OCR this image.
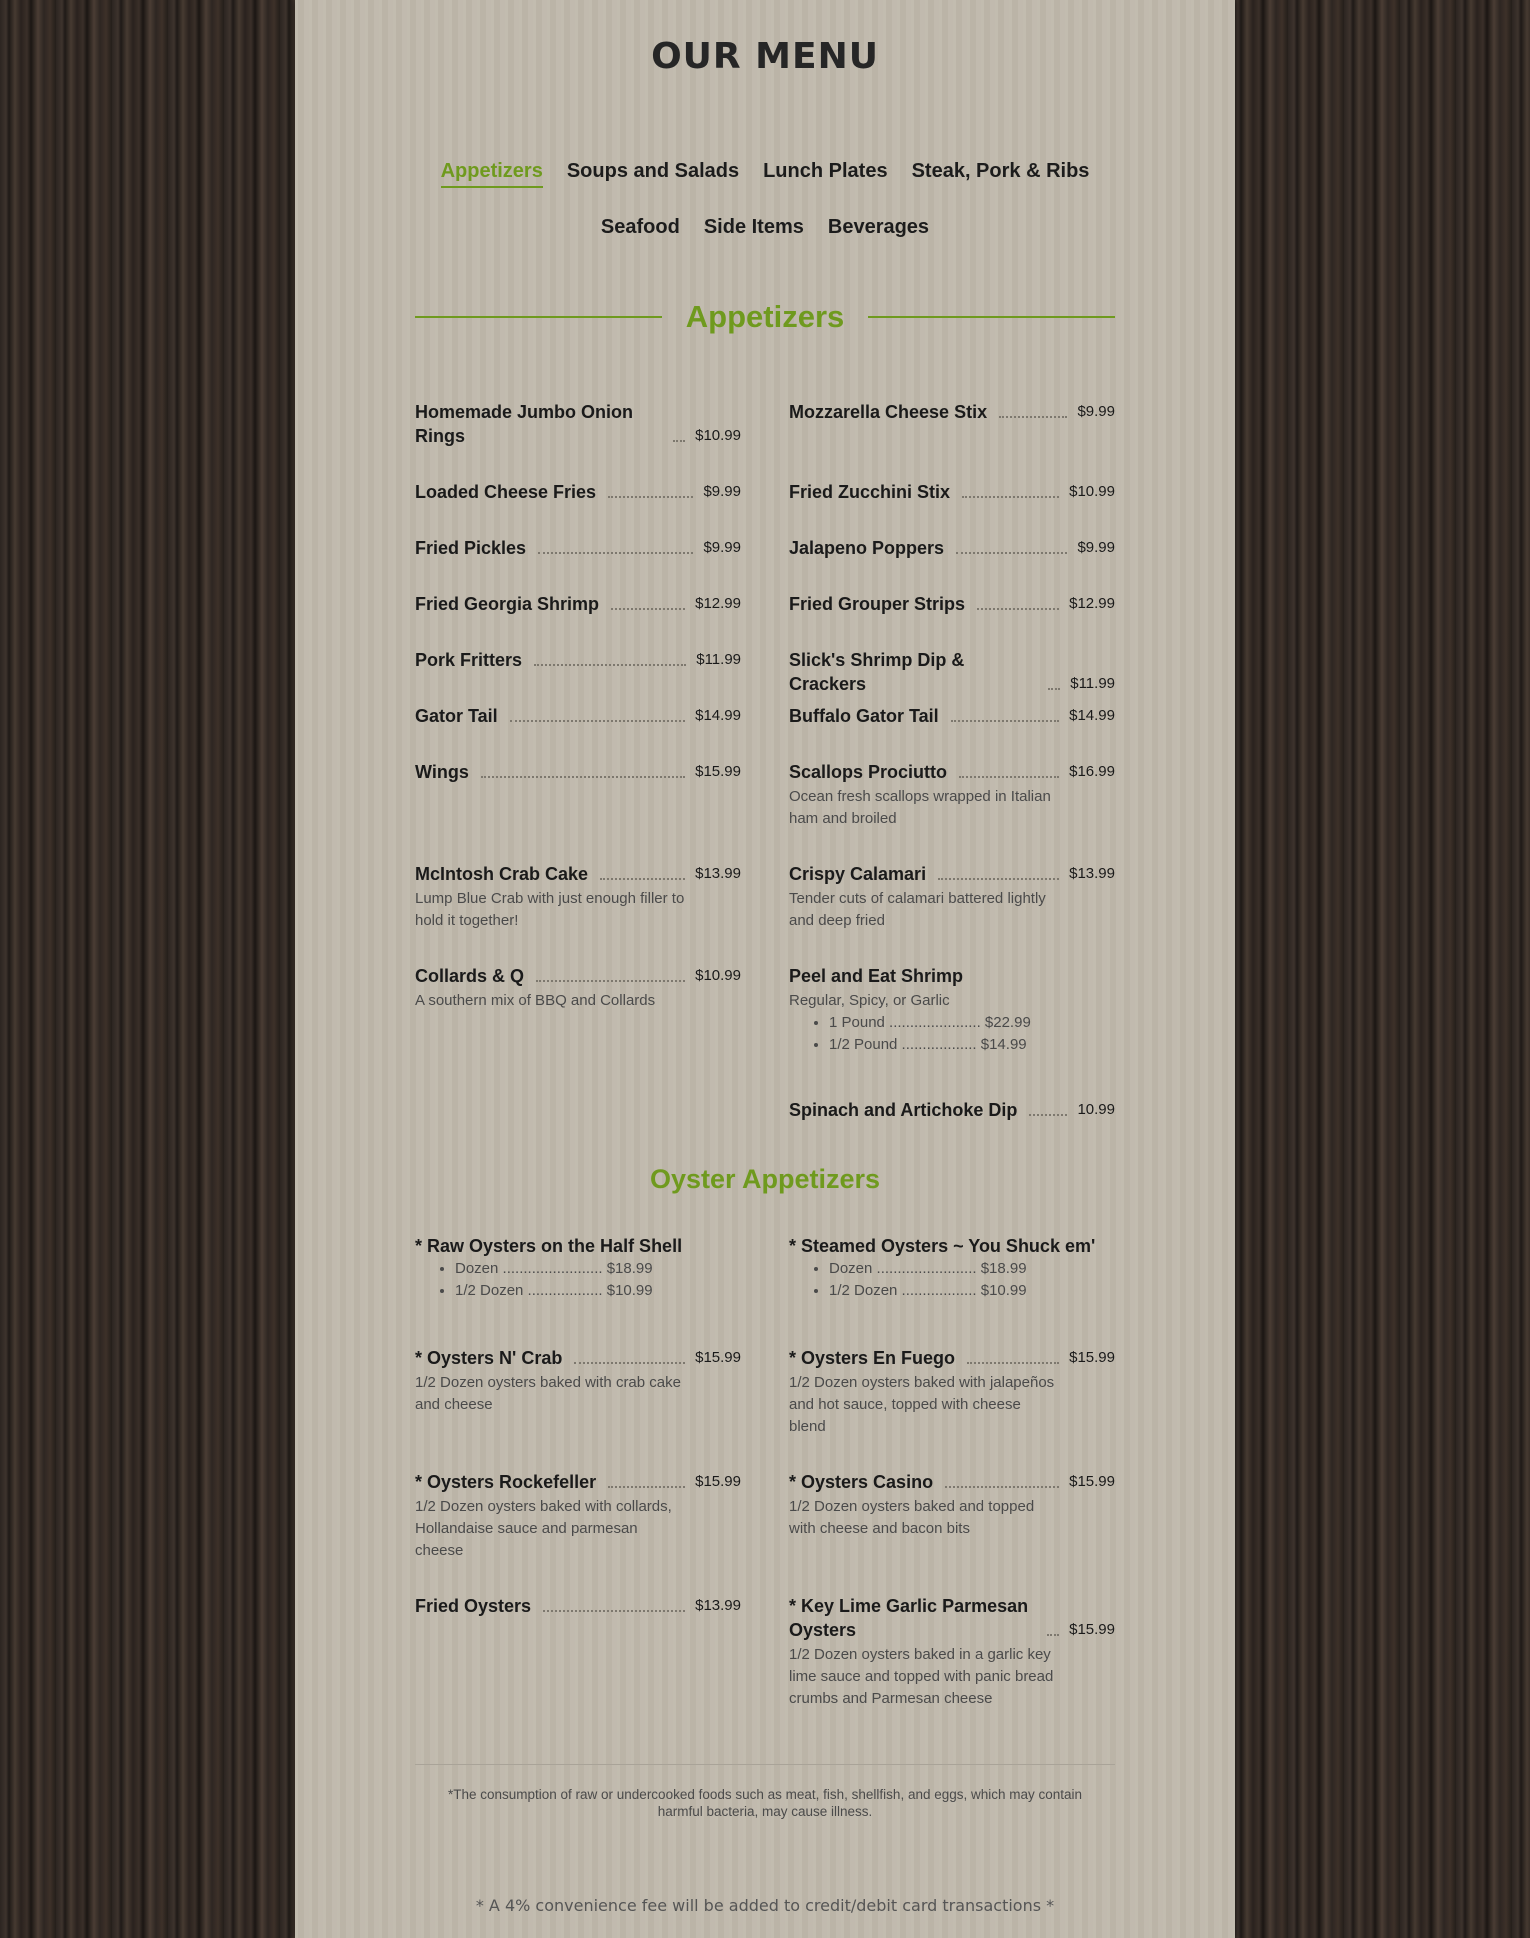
OUR MENU
Appetizers Soups and Salads Lunch Plates Steak, Pork & Ribs
Seafood Side Items Beverages
Appetizers
Homemade Jumbo Onion Rings	$10.99
Loaded Cheese Fries	$9.99
Fried Pickles	$9.99
Fried Georgia Shrimp	$12.99
Pork Fritters	$11.99
Gator Tail	$14.99
Wings	$15.99
McIntosh Crab Cake	$13.99
Lump Blue Crab with just enough filler to hold it together!
Collards & Q	$10.99
A southern mix of BBQ and Collards
Mozzarella Cheese Stix	$9.99
Fried Zucchini Stix	$10.99
Jalapeno Poppers	$9.99
Fried Grouper Strips	$12.99
Slick's Shrimp Dip & Crackers	$11.99
Buffalo Gator Tail	$14.99
Scallops Prociutto	$16.99
Ocean fresh scallops wrapped in Italian ham and broiled
Crispy Calamari	$13.99
Tender cuts of calamari battered lightly and deep fried
Peel and Eat Shrimp
Regular, Spicy, or Garlic
• 1 Pound ...................... $22.99
• 1/2 Pound .................. $14.99
Spinach and Artichoke Dip	10.99
* Raw Oysters on the Half Shell
• Dozen ........................ $18.99
• 1/2 Dozen .................. $10.99
* Oysters N' Crab	$15.99
1/2 Dozen oysters baked with crab cake and cheese
* Oysters Rockefeller	$15.99
1/2 Dozen oysters baked with collards, Hollandaise sauce and parmesan cheese
Fried Oysters	$13.99
* Steamed Oysters ~ You Shuck em'
• Dozen ........................ $18.99
• 1/2 Dozen .................. $10.99
* Oysters En Fuego	$15.99
1/2 Dozen oysters baked with jalapeños and hot sauce, topped with cheese blend
* Oysters Casino	$15.99
1/2 Dozen oysters baked and topped with cheese and bacon bits
* Key Lime Garlic Parmesan Oysters	$15.99
1/2 Dozen oysters baked in a garlic key lime sauce and topped with panic bread crumbs and Parmesan cheese
Oyster Appetizers
*The consumption of raw or undercooked foods such as meat, fish, shellfish, and eggs, which may contain harmful bacteria, may cause illness.
* A 4% convenience fee will be added to credit/debit card transactions *
